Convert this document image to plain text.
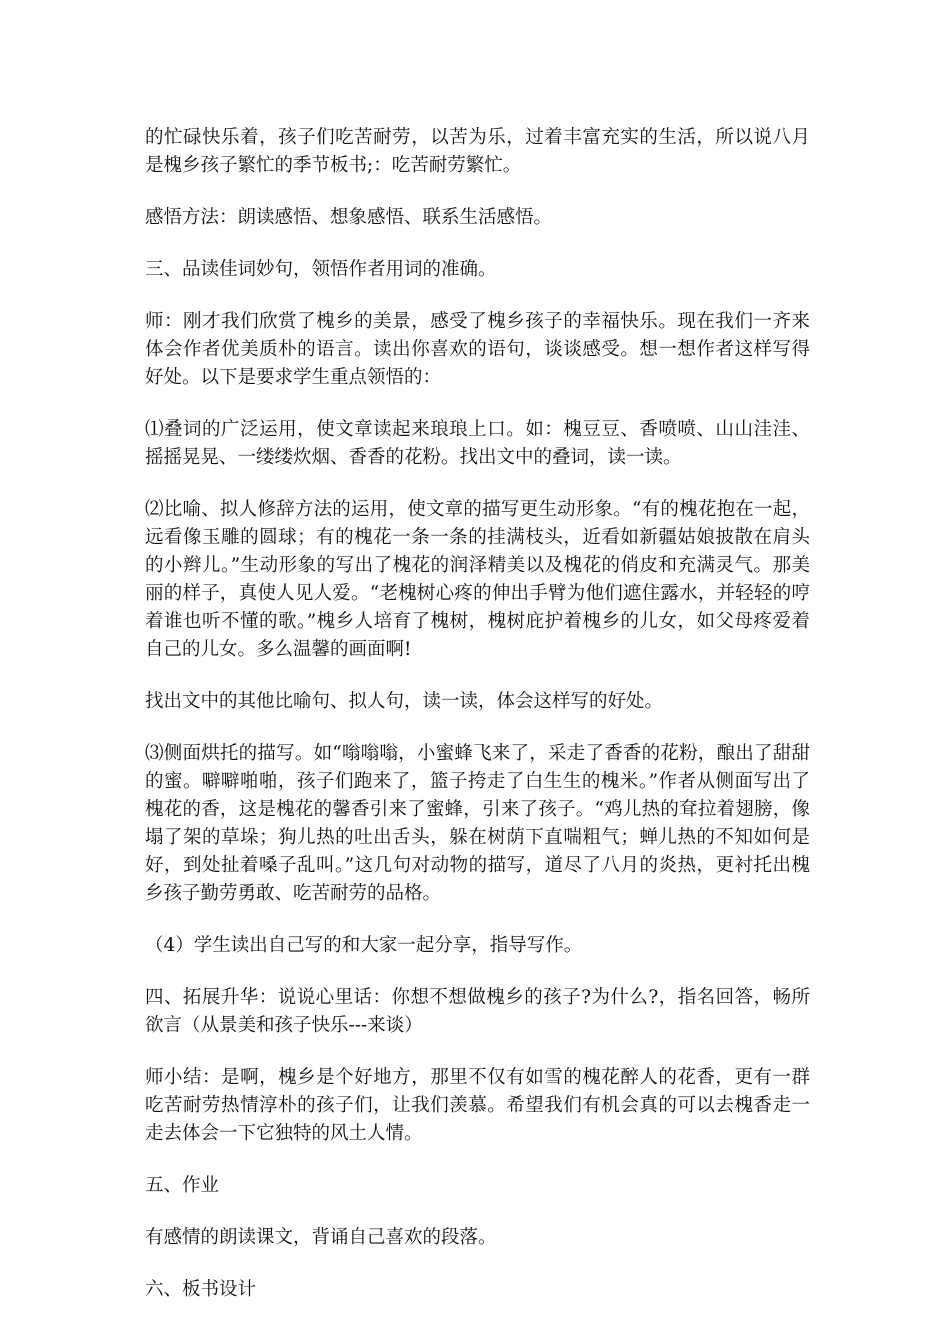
的忙碌快乐着，孩子们吃苦耐劳，以苦为乐，过着丰富充实的生活，所以说八月是槐乡孩子繁忙的季节板书;：吃苦耐劳繁忙。

感悟方法：朗读感悟、想象感悟、联系生活感悟。

三、品读佳词妙句，领悟作者用词的准确。

师：刚才我们欣赏了槐乡的美景，感受了槐乡孩子的幸福快乐。现在我们一齐来体会作者优美质朴的语言。读出你喜欢的语句，谈谈感受。想一想作者这样写得好处。以下是要求学生重点领悟的：

⑴叠词的广泛运用，使文章读起来琅琅上口。如：槐豆豆、香喷喷、山山洼洼、摇摇晃晃、一缕缕炊烟、香香的花粉。找出文中的叠词，读一读。

⑵比喻、拟人修辞方法的运用，使文章的描写更生动形象。“有的槐花抱在一起，远看像玉雕的圆球；有的槐花一条一条的挂满枝头，近看如新疆姑娘披散在肩头的小辫儿。”生动形象的写出了槐花的润泽精美以及槐花的俏皮和充满灵气。那美丽的样子，真使人见人爱。“老槐树心疼的伸出手臂为他们遮住露水，并轻轻的哼着谁也听不懂的歌。”槐乡人培育了槐树，槐树庇护着槐乡的儿女，如父母疼爱着自己的儿女。多么温馨的画面啊!

找出文中的其他比喻句、拟人句，读一读，体会这样写的好处。

⑶侧面烘托的描写。如“嗡嗡嗡，小蜜蜂飞来了，采走了香香的花粉，酿出了甜甜的蜜。噼噼啪啪，孩子们跑来了，篮子挎走了白生生的槐米。”作者从侧面写出了槐花的香，这是槐花的馨香引来了蜜蜂，引来了孩子。“鸡儿热的耷拉着翅膀，像塌了架的草垛；狗儿热的吐出舌头，躲在树荫下直喘粗气；蝉儿热的不知如何是好，到处扯着嗓子乱叫。”这几句对动物的描写，道尽了八月的炎热，更衬托出槐乡孩子勤劳勇敢、吃苦耐劳的品格。

（4）学生读出自己写的和大家一起分享，指导写作。

四、拓展升华：说说心里话：你想不想做槐乡的孩子?为什么?，指名回答，畅所欲言（从景美和孩子快乐---来谈）

师小结：是啊，槐乡是个好地方，那里不仅有如雪的槐花醉人的花香，更有一群吃苦耐劳热情淳朴的孩子们，让我们羡慕。希望我们有机会真的可以去槐香走一走去体会一下它独特的风土人情。

五、作业

有感情的朗读课文，背诵自己喜欢的段落。

六、板书设计
